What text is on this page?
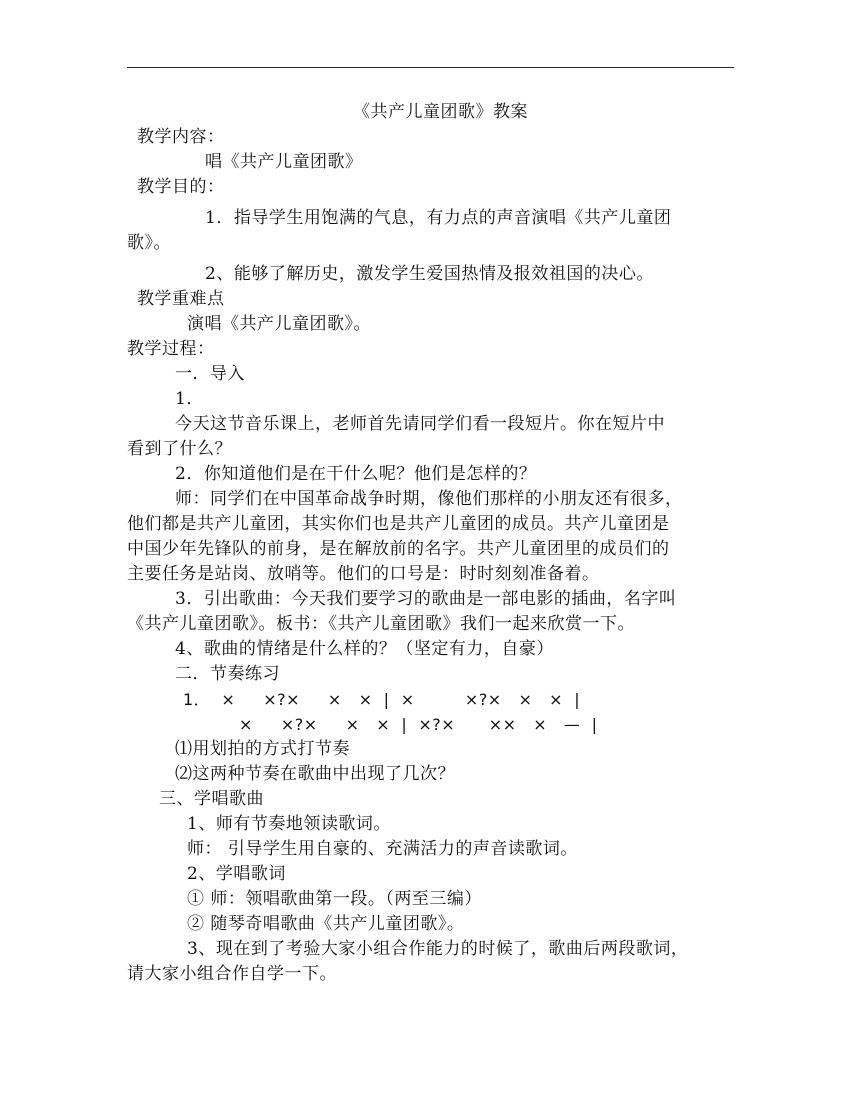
《共产儿童团歌》教案
教学内容：
唱《共产儿童团歌》
教学目的：
1．指导学生用饱满的气息，有力点的声音演唱《共产儿童团
歌》。
2、能够了解历史，激发学生爱国热情及报效祖国的决心。
教学重难点
演唱《共产儿童团歌》。
教学过程：
一．导入
1．
今天这节音乐课上，老师首先请同学们看一段短片。你在短片中
看到了什么？
2．你知道他们是在干什么呢？他们是怎样的？
师：同学们在中国革命战争时期，像他们那样的小朋友还有很多，
他们都是共产儿童团，其实你们也是共产儿童团的成员。共产儿童团是
中国少年先锋队的前身，是在解放前的名字。共产儿童团里的成员们的
主要任务是站岗、放哨等。他们的口号是：时时刻刻准备着。
3．引出歌曲：今天我们要学习的歌曲是一部电影的插曲，名字叫
《共产儿童团歌》。板书：《共产儿童团歌》我们一起来欣赏一下。
4、歌曲的情绪是什么样的？（坚定有力，自豪）
二．节奏练习
1．  ×     ×?×     ×   ×  |  ×         ×?×   ×   ×  |
×     ×?×     ×   ×  |  ×?×      ××   ×   —  |
⑴用划拍的方式打节奏
⑵这两种节奏在歌曲中出现了几次？
三、学唱歌曲
1、师有节奏地领读歌词。
师： 引导学生用自豪的、充满活力的声音读歌词。
2、学唱歌词
① 师：领唱歌曲第一段。（两至三编）
② 随琴奇唱歌曲《共产儿童团歌》。
3、现在到了考验大家小组合作能力的时候了，歌曲后两段歌词，
请大家小组合作自学一下。
